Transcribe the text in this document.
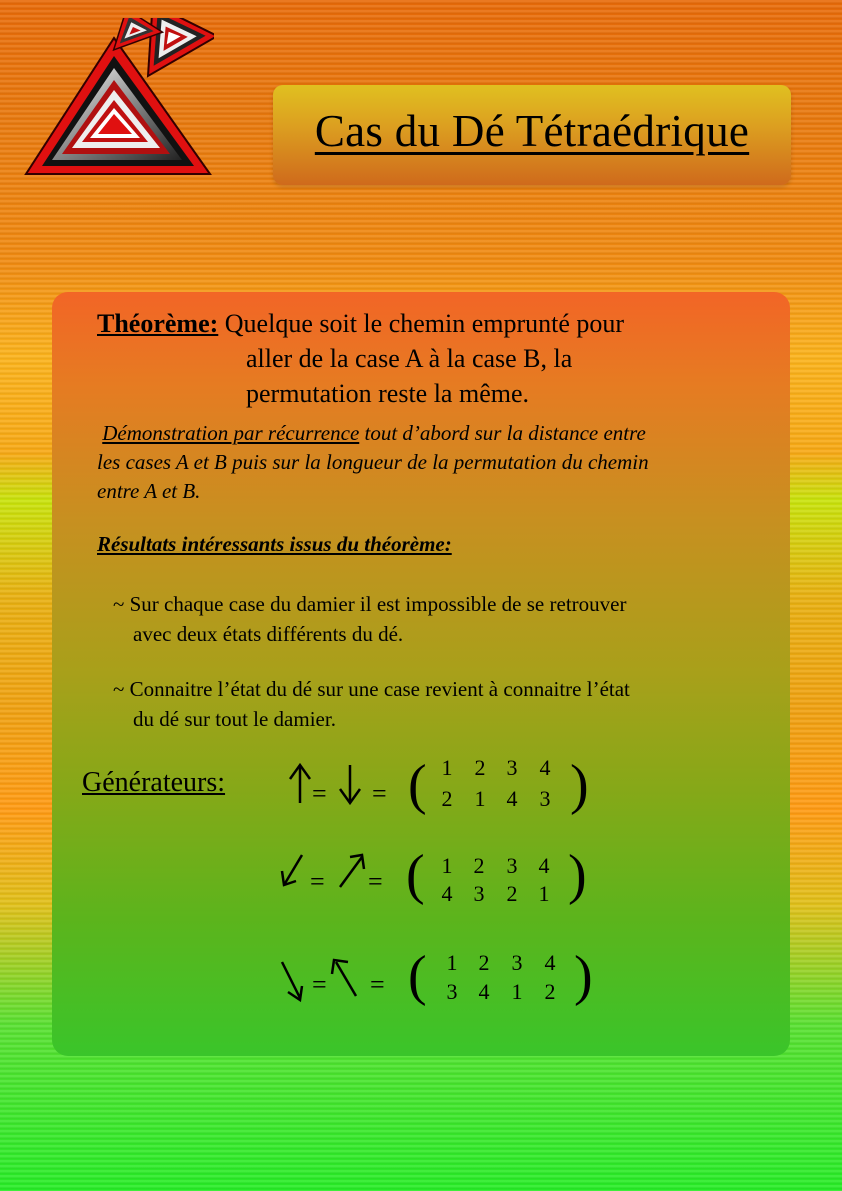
Cas du Dé Tétraédrique
Théorème: Quelque soit le chemin emprunté pour
aller de la case A à la case B, la
permutation reste la même.
Démonstration par récurrence tout d’abord sur la distance entre
les cases A et B puis sur la longueur de la permutation du chemin
entre A et B.
Résultats intéressants issus du théorème:
~ Sur chaque case du damier il est impossible de se retrouver
avec deux états différents du dé.
~ Connaitre l’état du dé sur une case revient à connaitre l’état
du dé sur tout le damier.
Générateurs:	= = ( 1 2 3 4
2 1 4 3 )
= = ( 1 2 3 4
4 3 2 1 )
= = ( 1 2 3 4
3 4 1 2 )
